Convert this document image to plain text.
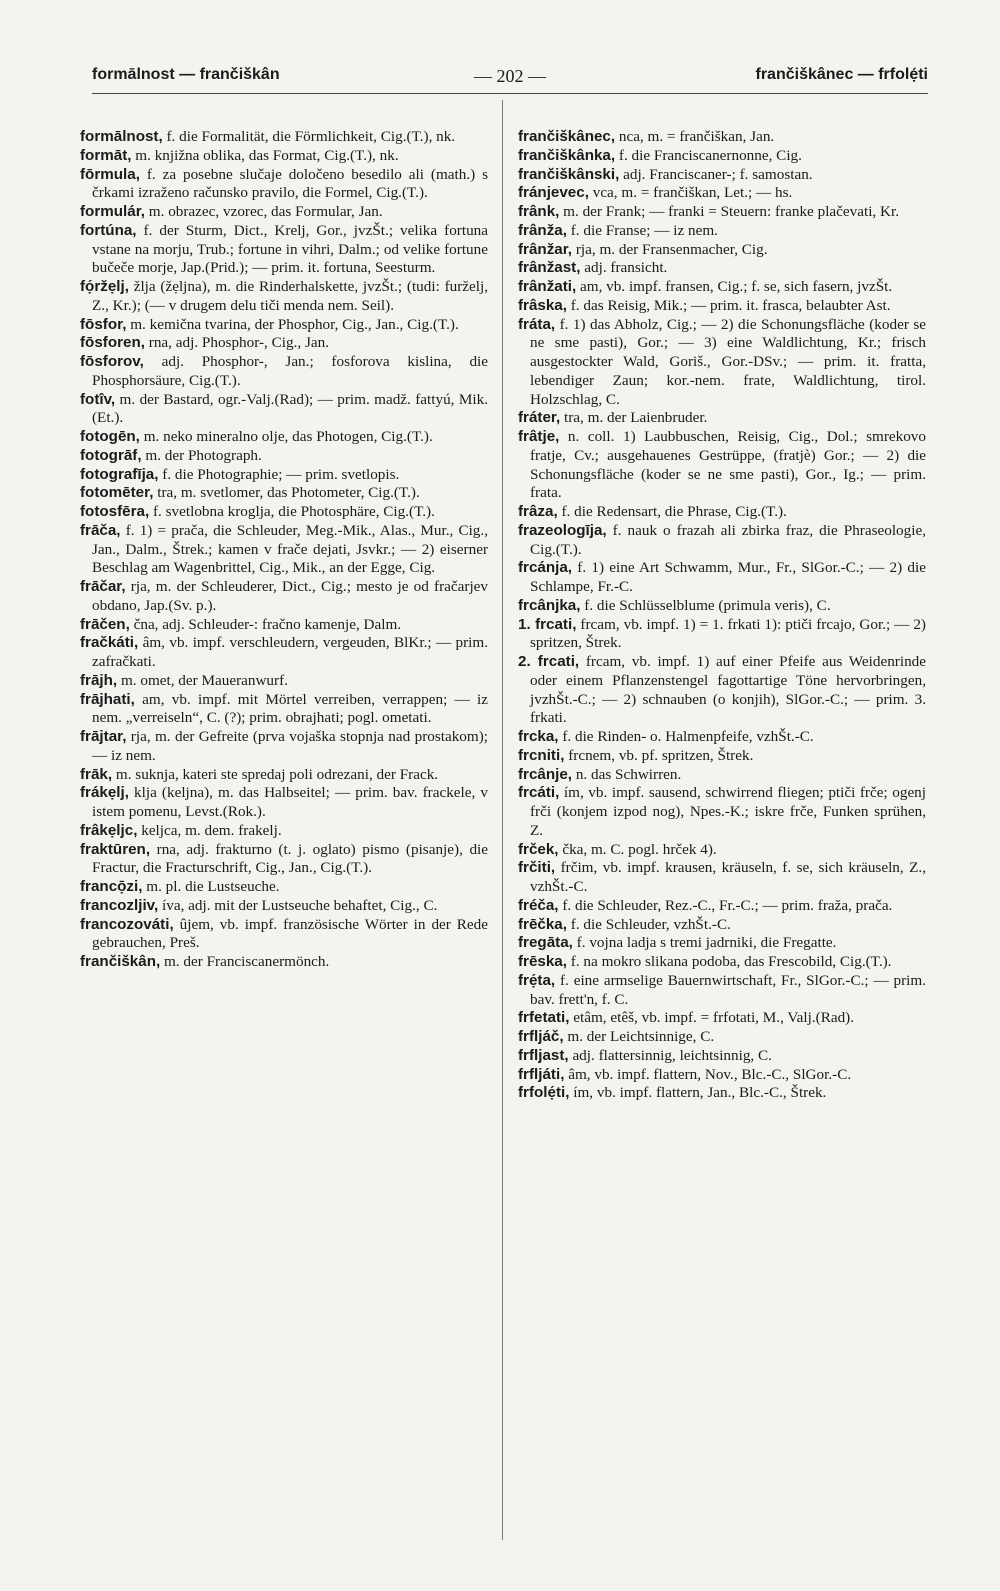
formālnost — frančiškân	— 202 —	frančiškânec — frfolẹ́ti

formālnost, f. die Formalität, die Förmlichkeit, Cig.(T.), nk.

formāt, m. knjižna oblika, das Format, Cig.(T.), nk.

fōrmula, f. za posebne slučaje določeno besedilo ali (math.) s črkami izraženo računsko pravilo, die Formel, Cig.(T.).

formulár, m. obrazec, vzorec, das Formular, Jan.

fortúna, f. der Sturm, Dict., Krelj, Gor., jvzŠt.; velika fortuna vstane na morju, Trub.; fortune in vihri, Dalm.; od velike fortune bučeče morje, Jap.(Prid.); — prim. it. fortuna, Seesturm.

fọ́ržẹlj, žlja (žẹljna), m. die Rinderhalskette, jvzŠt.; (tudi: furželj, Z., Kr.); (— v drugem delu tiči menda nem. Seil).

fōsfor, m. kemična tvarina, der Phosphor, Cig., Jan., Cig.(T.).

fōsforen, rna, adj. Phosphor-, Cig., Jan.

fōsforov, adj. Phosphor-, Jan.; fosforova kislina, die Phosphorsäure, Cig.(T.).

fotîv, m. der Bastard, ogr.-Valj.(Rad); — prim. madž. fattyú, Mik.(Et.).

fotogēn, m. neko mineralno olje, das Photogen, Cig.(T.).

fotogrāf, m. der Photograph.

fotografīja, f. die Photographie; — prim. svetlopis.

fotomēter, tra, m. svetlomer, das Photometer, Cig.(T.).

fotosfēra, f. svetlobna kroglja, die Photosphäre, Cig.(T.).

frāča, f. 1) = prača, die Schleuder, Meg.-Mik., Alas., Mur., Cig., Jan., Dalm., Štrek.; kamen v frače dejati, Jsvkr.; — 2) eiserner Beschlag am Wagenbrittel, Cig., Mik., an der Egge, Cig.

frāčar, rja, m. der Schleuderer, Dict., Cig.; mesto je od fračarjev obdano, Jap.(Sv. p.).

frāčen, čna, adj. Schleuder-: fračno kamenje, Dalm.

fračkáti, âm, vb. impf. verschleudern, vergeuden, BlKr.; — prim. zafračkati.

frājh, m. omet, der Maueranwurf.

frājhati, am, vb. impf. mit Mörtel verreiben, verrappen; — iz nem. „verreiseln“, C. (?); prim. obrajhati; pogl. ometati.

frājtar, rja, m. der Gefreite (prva vojaška stopnja nad prostakom); — iz nem.

frāk, m. suknja, kateri ste spredaj poli odrezani, der Frack.

frákẹlj, klja (keljna), m. das Halbseitel; — prim. bav. frackele, v istem pomenu, Levst.(Rok.).

frâkẹljc, keljca, m. dem. frakelj.

fraktūren, rna, adj. frakturno (t. j. oglato) pismo (pisanje), die Fractur, die Fracturschrift, Cig., Jan., Cig.(T.).

francọ̄zi, m. pl. die Lustseuche.

francozljiv, íva, adj. mit der Lustseuche behaftet, Cig., C.

francozováti, ûjem, vb. impf. französische Wörter in der Rede gebrauchen, Preš.

frančiškân, m. der Franciscanermönch.

frančiškânec, nca, m. = frančiškan, Jan.

frančiškânka, f. die Franciscanernonne, Cig.

frančiškânski, adj. Franciscaner-; f. samostan.

fránjevec, vca, m. = frančiškan, Let.; — hs.

frânk, m. der Frank; — franki = Steuern: franke plačevati, Kr.

frânža, f. die Franse; — iz nem.

frânžar, rja, m. der Fransenmacher, Cig.

frânžast, adj. fransicht.

frânžati, am, vb. impf. fransen, Cig.; f. se, sich fasern, jvzŠt.

frâska, f. das Reisig, Mik.; — prim. it. frasca, belaubter Ast.

fráta, f. 1) das Abholz, Cig.; — 2) die Schonungsfläche (koder se ne sme pasti), Gor.; — 3) eine Waldlichtung, Kr.; frisch ausgestockter Wald, Goriš., Gor.-DSv.; — prim. it. fratta, lebendiger Zaun; kor.-nem. frate, Waldlichtung, tirol. Holzschlag, C.

fráter, tra, m. der Laienbruder.

frâtje, n. coll. 1) Laubbuschen, Reisig, Cig., Dol.; smrekovo fratje, Cv.; ausgehauenes Gestrüppe, (fratjè) Gor.; — 2) die Schonungsfläche (koder se ne sme pasti), Gor., Ig.; — prim. frata.

frâza, f. die Redensart, die Phrase, Cig.(T.).

frazeologīja, f. nauk o frazah ali zbirka fraz, die Phraseologie, Cig.(T.).

frcánja, f. 1) eine Art Schwamm, Mur., Fr., SlGor.-C.; — 2) die Schlampe, Fr.-C.

frcânjka, f. die Schlüsselblume (primula veris), C.

1. frcati, frcam, vb. impf. 1) = 1. frkati 1): ptiči frcajo, Gor.; — 2) spritzen, Štrek.

2. frcati, frcam, vb. impf. 1) auf einer Pfeife aus Weidenrinde oder einem Pflanzenstengel fagottartige Töne hervorbringen, jvzhŠt.-C.; — 2) schnauben (o konjih), SlGor.-C.; — prim. 3. frkati.

frcka, f. die Rinden- o. Halmenpfeife, vzhŠt.-C.

frcniti, frcnem, vb. pf. spritzen, Štrek.

frcânje, n. das Schwirren.

frcáti, ím, vb. impf. sausend, schwirrend fliegen; ptiči frče; ogenj frči (konjem izpod nog), Npes.-K.; iskre frče, Funken sprühen, Z.

frček, čka, m. C. pogl. hrček 4).

frčiti, frčim, vb. impf. krausen, kräuseln, f. se, sich kräuseln, Z., vzhŠt.-C.

fréča, f. die Schleuder, Rez.-C., Fr.-C.; — prim. fraža, prača.

frēčka, f. die Schleuder, vzhŠt.-C.

fregāta, f. vojna ladja s tremi jadrniki, die Fregatte.

frēska, f. na mokro slikana podoba, das Frescobild, Cig.(T.).

frẹ́ta, f. eine armselige Bauernwirtschaft, Fr., SlGor.-C.; — prim. bav. frett'n, f. C.

frfetati, etâm, etêš, vb. impf. = frfotati, M., Valj.(Rad).

frfljáč, m. der Leichtsinnige, C.

frfljast, adj. flattersinnig, leichtsinnig, C.

frfljáti, âm, vb. impf. flattern, Nov., Blc.-C., SlGor.-C.

frfolẹ́ti, ím, vb. impf. flattern, Jan., Blc.-C., Štrek.
